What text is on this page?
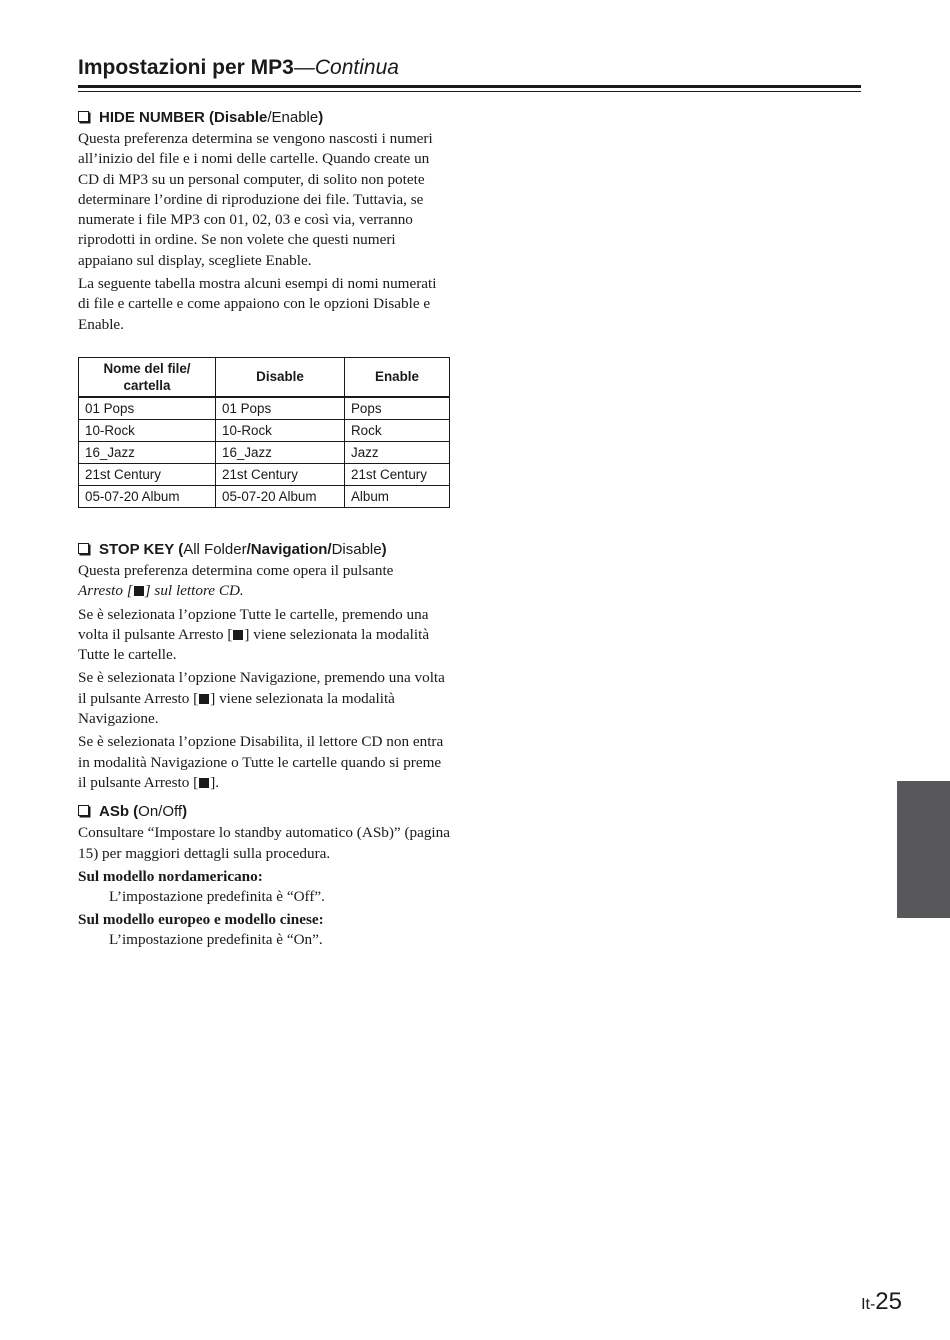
Impostazioni per MP3—Continua
HIDE NUMBER (Disable/Enable)

Questa preferenza determina se vengono nascosti i numeri all’inizio del file e i nomi delle cartelle. Quando create un CD di MP3 su un personal computer, di solito non potete determinare l’ordine di riproduzione dei file. Tuttavia, se numerate i file MP3 con 01, 02, 03 e così via, verranno riprodotti in ordine. Se non volete che questi numeri appaiano sul display, scegliete Enable.

La seguente tabella mostra alcuni esempi di nomi numerati di file e cartelle e come appaiono con le opzioni Disable e Enable.

Nome del file/ cartella	Disable	Enable
01 Pops	01 Pops	Pops
10-Rock	10-Rock	Rock
16_Jazz	16_Jazz	Jazz
21st Century	21st Century	21st Century
05-07-20 Album	05-07-20 Album	Album
STOP KEY (All Folder/Navigation/Disable)

Questa preferenza determina come opera il pulsante
Arresto [ ] sul lettore CD.

Se è selezionata l’opzione Tutte le cartelle, premendo una volta il pulsante Arresto [ ] viene selezionata la modalità Tutte le cartelle.

Se è selezionata l’opzione Navigazione, premendo una volta il pulsante Arresto [ ] viene selezionata la modalità Navigazione.

Se è selezionata l’opzione Disabilita, il lettore CD non entra in modalità Navigazione o Tutte le cartelle quando si preme il pulsante Arresto [ ].

ASb (On/Off)

Consultare “Impostare lo standby automatico (ASb)” (pagina 15) per maggiori dettagli sulla procedura.

Sul modello nordamericano:

L’impostazione predefinita è “Off”.

Sul modello europeo e modello cinese:

L’impostazione predefinita è “On”.

It-25
